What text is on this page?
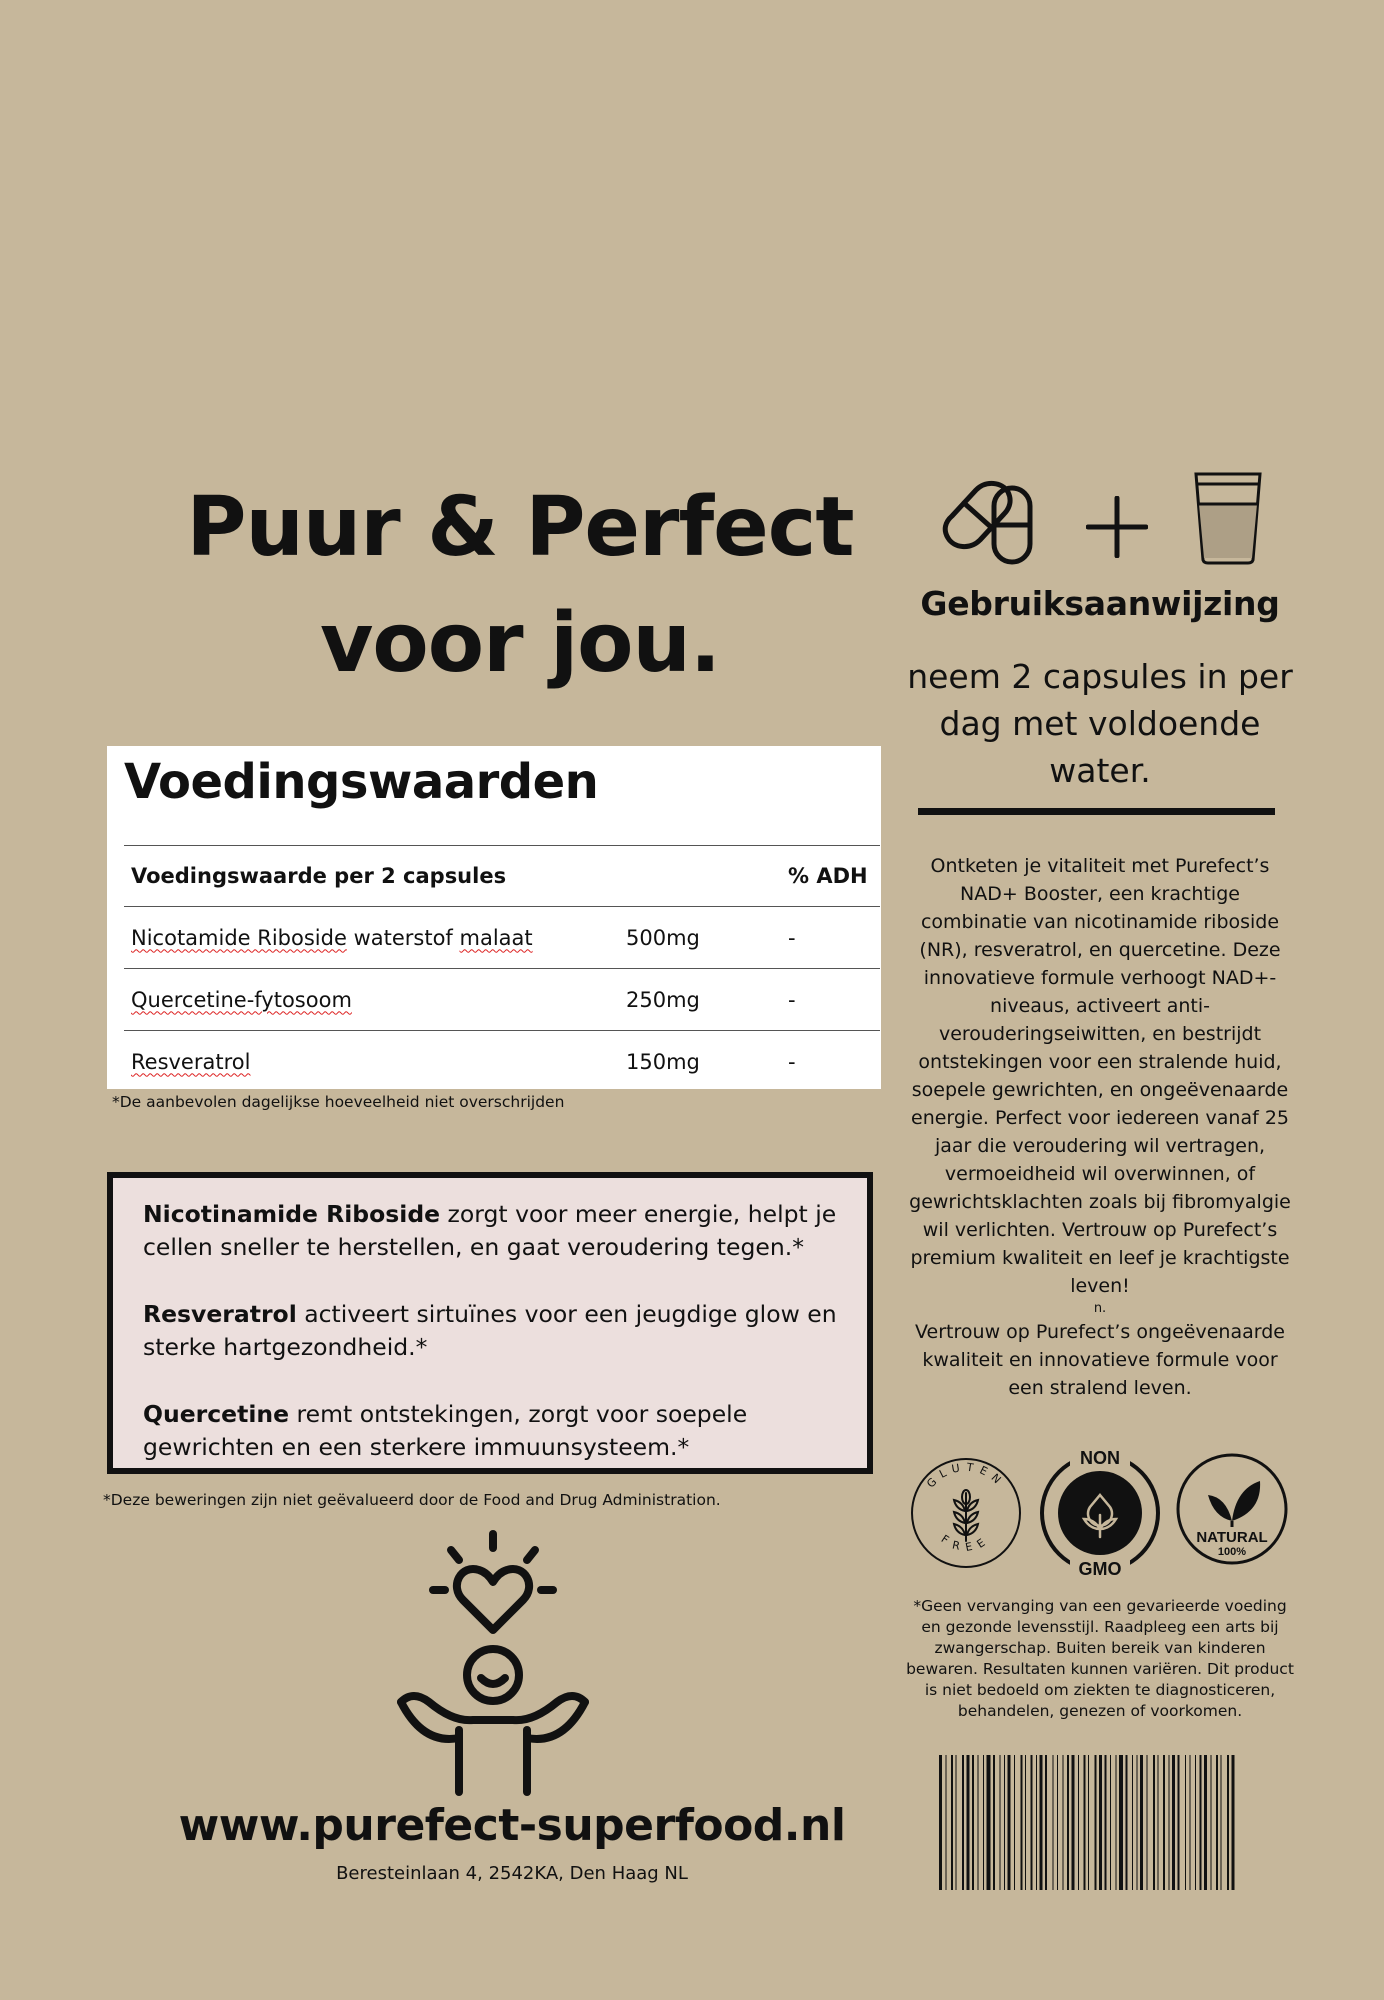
Puur & Perfect
voor jou.
Voedingswaarden
Voedingswaarde per 2 capsules		% ADH
Nicotamide Riboside waterstof malaat	500mg	-
Quercetine-fytosoom	250mg	-
Resveratrol	150mg	-
*De aanbevolen dagelijkse hoeveelheid niet overschrijden

Nicotinamide Riboside zorgt voor meer energie, helpt je cellen sneller te herstellen, en gaat veroudering tegen.*

Resveratrol activeert sirtuïnes voor een jeugdige glow en sterke hartgezondheid.*

Quercetine remt ontstekingen, zorgt voor soepele gewrichten en een sterkere immuunsysteem.*

*Deze beweringen zijn niet geëvalueerd door de Food and Drug Administration.
www.purefect-superfood.nl
Beresteinlaan 4, 2542KA, Den Haag NL
Gebruiksaanwijzing
neem 2 capsules in per dag met voldoende water.
Ontketen je vitaliteit met Purefect’s NAD+ Booster, een krachtige combinatie van nicotinamide riboside (NR), resveratrol, en quercetine. Deze innovatieve formule verhoogt NAD+-niveaus, activeert anti-verouderingseiwitten, en bestrijdt ontstekingen voor een stralende huid, soepele gewrichten, en ongeëvenaarde energie. Perfect voor iedereen vanaf 25 jaar die veroudering wil vertragen, vermoeidheid wil overwinnen, of gewrichtsklachten zoals bij fibromyalgie wil verlichten. Vertrouw op Purefect’s premium kwaliteit en leef je krachtigste leven!
n.
Vertrouw op Purefect’s ongeëvenaarde kwaliteit en innovatieve formule voor een stralend leven.
GLUTEN
FREE
NON
GMO
NATURAL
100%
*Geen vervanging van een gevarieerde voeding en gezonde levensstijl. Raadpleeg een arts bij zwangerschap. Buiten bereik van kinderen bewaren. Resultaten kunnen variëren. Dit product is niet bedoeld om ziekten te diagnosticeren, behandelen, genezen of voorkomen.
